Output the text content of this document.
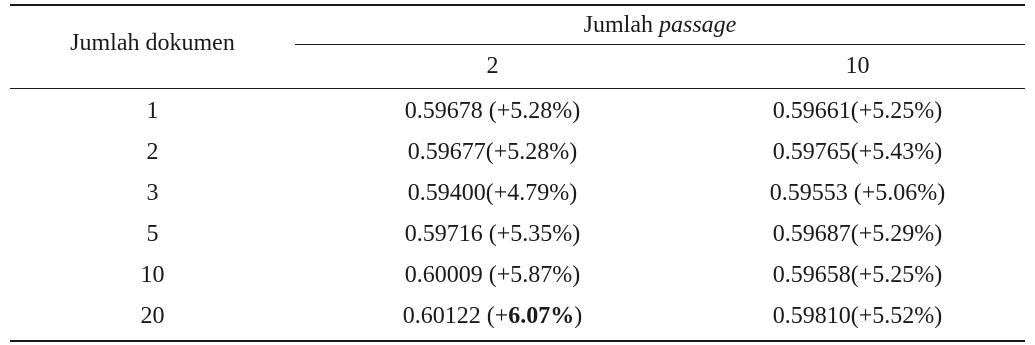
Jumlah dokumen
Jumlah passage
2	10
1	0.59678 (+5.28%)	0.59661(+5.25%)
2	0.59677(+5.28%)	0.59765(+5.43%)
3	0.59400(+4.79%)	0.59553 (+5.06%)
5	0.59716 (+5.35%)	0.59687(+5.29%)
10	0.60009 (+5.87%)	0.59658(+5.25%)
20	0.60122 (+6.07%)	0.59810(+5.52%)
